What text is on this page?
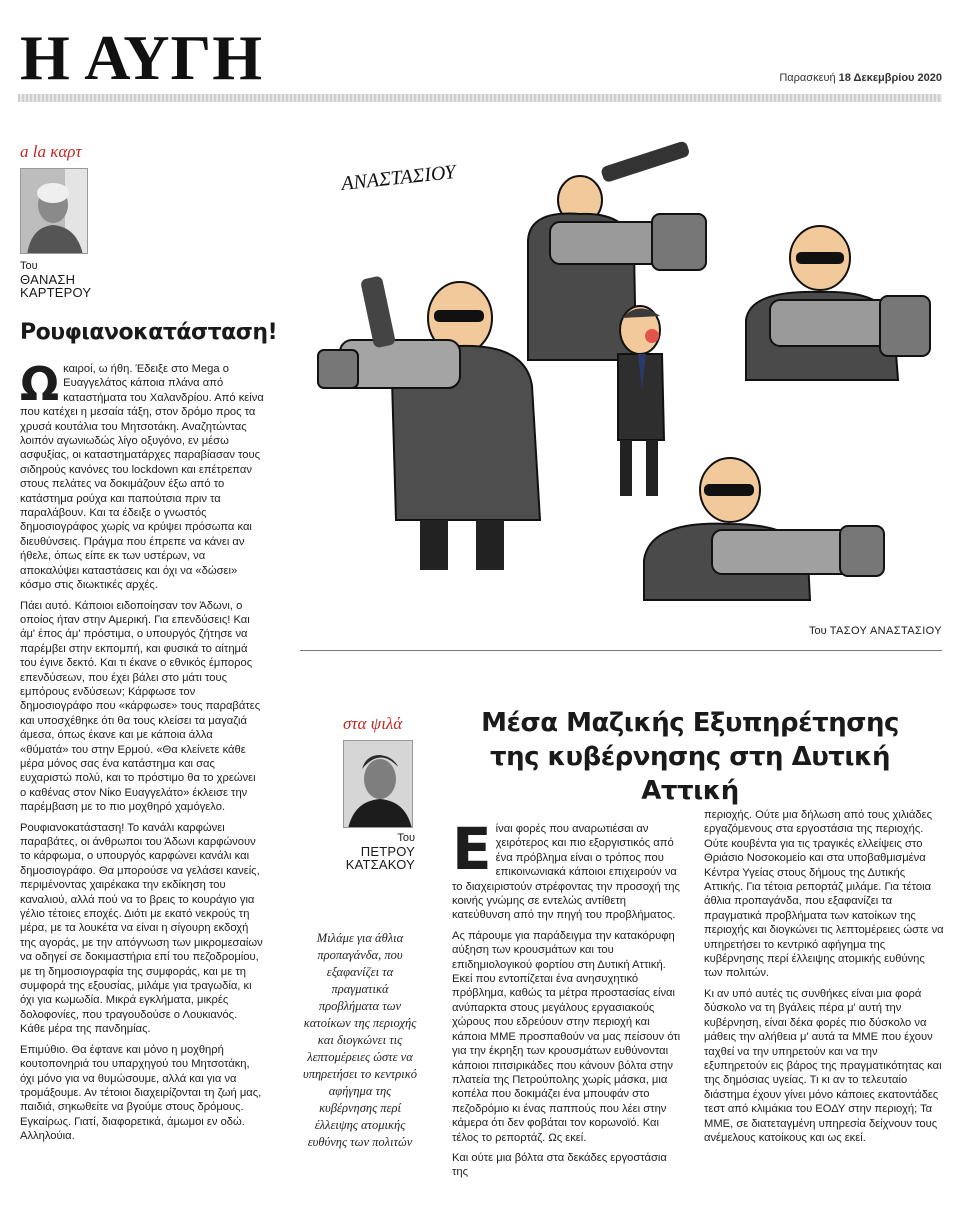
Η ΑΥΓΗ	Παρασκευή 18 Δεκεμβρίου 2020
a la καρτ
Του
ΘΑΝΑΣΗ
ΚΑΡΤΕΡΟΥ
Ρουφιανοκατάσταση!

Ωκαιροί, ω ήθη. Έδειξε στο Mega ο Ευαγγελάτος κάποια πλάνα από καταστήματα του Χαλανδρίου. Από κείνα που κατέχει η μεσαία τάξη, στον δρόμο προς τα χρυσά κουτάλια του Μητσοτάκη. Αναζητώντας λοιπόν αγωνιωδώς λίγο οξυγόνο, εν μέσω ασφυξίας, οι καταστηματάρχες παραβίασαν τους σιδηρούς κανόνες του lockdown και επέτρεπαν στους πελάτες να δοκιμάζουν έξω από το κατάστημα ρούχα και παπούτσια πριν τα παραλάβουν. Και τα έδειξε ο γνωστός δημοσιογράφος χωρίς να κρύψει πρόσωπα και διευθύνσεις. Πράγμα που έπρεπε να κάνει αν ήθελε, όπως είπε εκ των υστέρων, να αποκαλύψει καταστάσεις και όχι να «δώσει» κόσμο στις διωκτικές αρχές.

Πάει αυτό. Κάποιοι ειδοποίησαν τον Άδωνι, ο οποίος ήταν στην Αμερική. Για επενδύσεις! Και άμ' έπος άμ' πρόστιμα, ο υπουργός ζήτησε να παρέμβει στην εκπομπή, και φυσικά το αίτημά του έγινε δεκτό. Και τι έκανε ο εθνικός έμπορος επενδύσεων, που έχει βάλει στο μάτι τους εμπόρους ενδύσεων; Κάρφωσε τον δημοσιογράφο που «κάρφωσε» τους παραβάτες και υποσχέθηκε ότι θα τους κλείσει τα μαγαζιά άμεσα, όπως έκανε και με κάποια άλλα «θύματά» του στην Ερμού. «Θα κλείνετε κάθε μέρα μόνος σας ένα κατάστημα και σας ευχαριστώ πολύ, και το πρόστιμο θα το χρεώνει ο καθένας στον Νίκο Ευαγγελάτο» έκλεισε την παρέμβαση με το πιο μοχθηρό χαμόγελο.

Ρουφιανοκατάσταση! Το κανάλι καρφώνει παραβάτες, οι άνθρωποι του Άδωνι καρφώνουν το κάρφωμα, ο υπουργός καρφώνει κανάλι και δημοσιογράφο. Θα μπορούσε να γελάσει κανείς, περιμένοντας χαιρέκακα την εκδίκηση του καναλιού, αλλά πού να το βρεις το κουράγιο για γέλιο τέτοιες εποχές. Διότι με εκατό νεκρούς τη μέρα, με τα λουκέτα να είναι η σίγουρη εκδοχή της αγοράς, με την απόγνωση των μικρομεσαίων να οδηγεί σε δοκιμαστήρια επί του πεζοδρομίου, με τη δημοσιογραφία της συμφοράς, και με τη συμφορά της εξουσίας, μιλάμε για τραγωδία, κι όχι για κωμωδία. Μικρά εγκλήματα, μικρές δολοφονίες, που τραγουδούσε ο Λουκιανός. Κάθε μέρα της πανδημίας.

Επιμύθιο. Θα έφτανε και μόνο η μοχθηρή κουτοπονηριά του υπαρχηγού του Μητσοτάκη, όχι μόνο για να θυμώσουμε, αλλά και για να τρομάξουμε. Αν τέτοιοι διαχειρίζονται τη ζωή μας, παιδιά, σηκωθείτε να βγούμε στους δρόμους. Εγκαίρως. Γιατί, διαφορετικά, άμωμοι εν οδώ. Αλληλούια.

ΑΝΑΣΤΑΣΙΟΥ
Του ΤΑΣΟΥ ΑΝΑΣΤΑΣΙΟΥ
στα ψιλά
Του
ΠΕΤΡΟΥ
ΚΑΤΣΑΚΟΥ
Μιλάμε για άθλια προπαγάνδα, που εξαφανίζει τα πραγματικά προβλήματα των κατοίκων της περιοχής και διογκώνει τις λεπτομέρειες ώστε να υπηρετήσει το κεντρικό αφήγημα της κυβέρνησης περί έλλειψης ατομικής ευθύνης των πολιτών
Μέσα Μαζικής Εξυπηρέτησης
της κυβέρνησης στη Δυτική Αττική

Είναι φορές που αναρωτιέσαι αν χειρότερος και πιο εξοργιστικός από ένα πρόβλημα είναι ο τρόπος που επικοινωνιακά κάποιοι επιχειρούν να το διαχειριστούν στρέφοντας την προσοχή της κοινής γνώμης σε εντελώς αντίθετη κατεύθυνση από την πηγή του προβλήματος.

Ας πάρουμε για παράδειγμα την κατακόρυφη αύξηση των κρουσμάτων και του επιδημιολογικού φορτίου στη Δυτική Αττική. Εκεί που εντοπίζεται ένα ανησυχητικό πρόβλημα, καθώς τα μέτρα προστασίας είναι ανύπαρκτα στους μεγάλους εργασιακούς χώρους που εδρεύουν στην περιοχή και κάποια ΜΜΕ προσπαθούν να μας πείσουν ότι για την έκρηξη των κρουσμάτων ευθύνονται κάποιοι πιτσιρικάδες που κάνουν βόλτα στην πλατεία της Πετρούπολης χωρίς μάσκα, μια κοπέλα που δοκιμάζει ένα μπουφάν στο πεζοδρόμιο κι ένας παππούς που λέει στην κάμερα ότι δεν φοβάται τον κορωνοϊό. Και τέλος το ρεπορτάζ. Ως εκεί.

Και ούτε μια βόλτα στα δεκάδες εργοστάσια της

περιοχής. Ούτε μια δήλωση από τους χιλιάδες εργαζόμενους στα εργοστάσια της περιοχής. Ούτε κουβέντα για τις τραγικές ελλείψεις στο Θριάσιο Νοσοκομείο και στα υποβαθμισμένα Κέντρα Υγείας στους δήμους της Δυτικής Αττικής. Για τέτοια ρεπορτάζ μιλάμε. Για τέτοια άθλια προπαγάνδα, που εξαφανίζει τα πραγματικά προβλήματα των κατοίκων της περιοχής και διογκώνει τις λεπτομέρειες ώστε να υπηρετήσει το κεντρικό αφήγημα της κυβέρνησης περί έλλειψης ατομικής ευθύνης των πολιτών.

Κι αν υπό αυτές τις συνθήκες είναι μια φορά δύσκολο να τη βγάλεις πέρα μ' αυτή την κυβέρνηση, είναι δέκα φορές πιο δύσκολο να μάθεις την αλήθεια μ' αυτά τα ΜΜΕ που έχουν ταχθεί να την υπηρετούν και να την εξυπηρετούν εις βάρος της πραγματικότητας και της δημόσιας υγείας. Τι κι αν το τελευταίο διάστημα έχουν γίνει μόνο κάποιες εκατοντάδες τεστ από κλιμάκια του ΕΟΔΥ στην περιοχή; Τα ΜΜΕ, σε διατεταγμένη υπηρεσία δείχνουν τους ανέμελους κατοίκους και ως εκεί.
